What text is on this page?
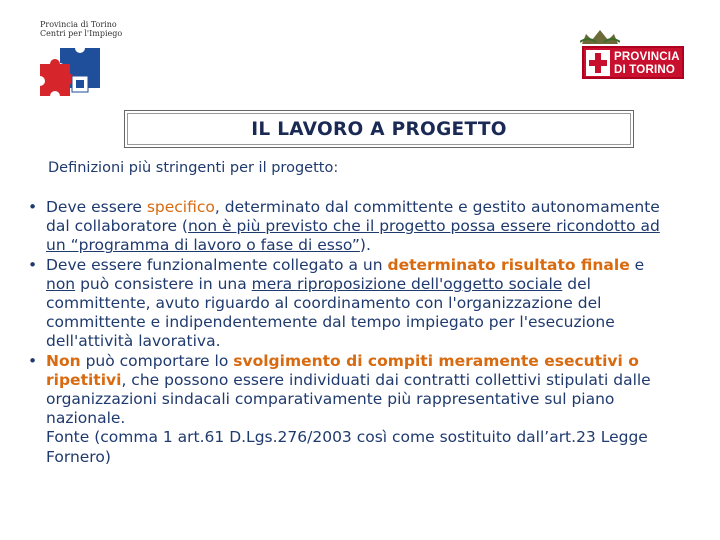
Provincia di Torino
Centri per l'Impiego
PROVINCIA
DI TORINO
IL LAVORO A PROGETTO
Definizioni più stringenti per il progetto:
• Deve essere specifico, determinato dal committente e gestito autonomamente dal collaboratore (non è più previsto che il progetto possa essere ricondotto ad un “programma di lavoro o fase di esso”).
• Deve essere funzionalmente collegato a un determinato risultato finale e non può consistere in una mera riproposizione dell'oggetto sociale del committente, avuto riguardo al coordinamento con l'organizzazione del committente e indipendentemente dal tempo impiegato per l'esecuzione dell'attività lavorativa.
• Non può comportare lo svolgimento di compiti meramente esecutivi o ripetitivi, che possono essere individuati dai contratti collettivi stipulati dalle organizzazioni sindacali comparativamente più rappresentative sul piano nazionale.
Fonte (comma 1 art.61 D.Lgs.276/2003 così come sostituito dall’art.23 Legge Fornero)
